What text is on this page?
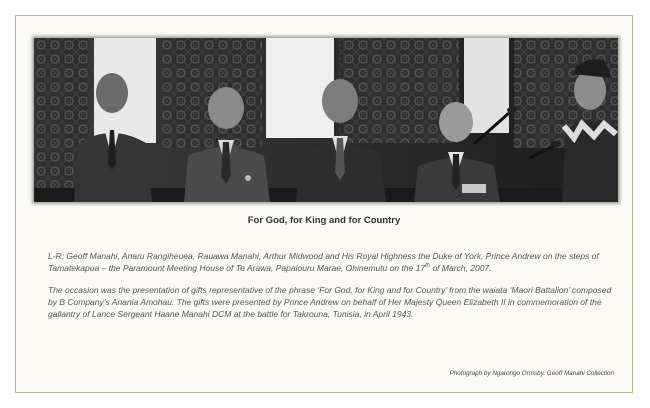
For God, for King and for Country

L-R: Geoff Manahi, Anaru Rangiheuea, Rauawa Manahi, Arthur Midwood and His Royal Highness the Duke of York, Prince Andrew on the steps of Tamatekapua – the Paramount Meeting House of Te Arawa, Papaiouru Marae, Ohinemutu on the 17th of March, 2007.

The occasion was the presentation of gifts representative of the phrase ‘For God, for King and for Country’ from the waiata ‘Maori Battalion’ composed by B Company’s Anania Amohau. The gifts were presented by Prince Andrew on behalf of Her Majesty Queen Elizabeth II in commemoration of the gallantry of Lance Sergeant Haane Manahi DCM at the battle for Takrouna, Tunisia, in April 1943.

Photograph by Ngarongo Ormsby. Geoff Manahi Collection
